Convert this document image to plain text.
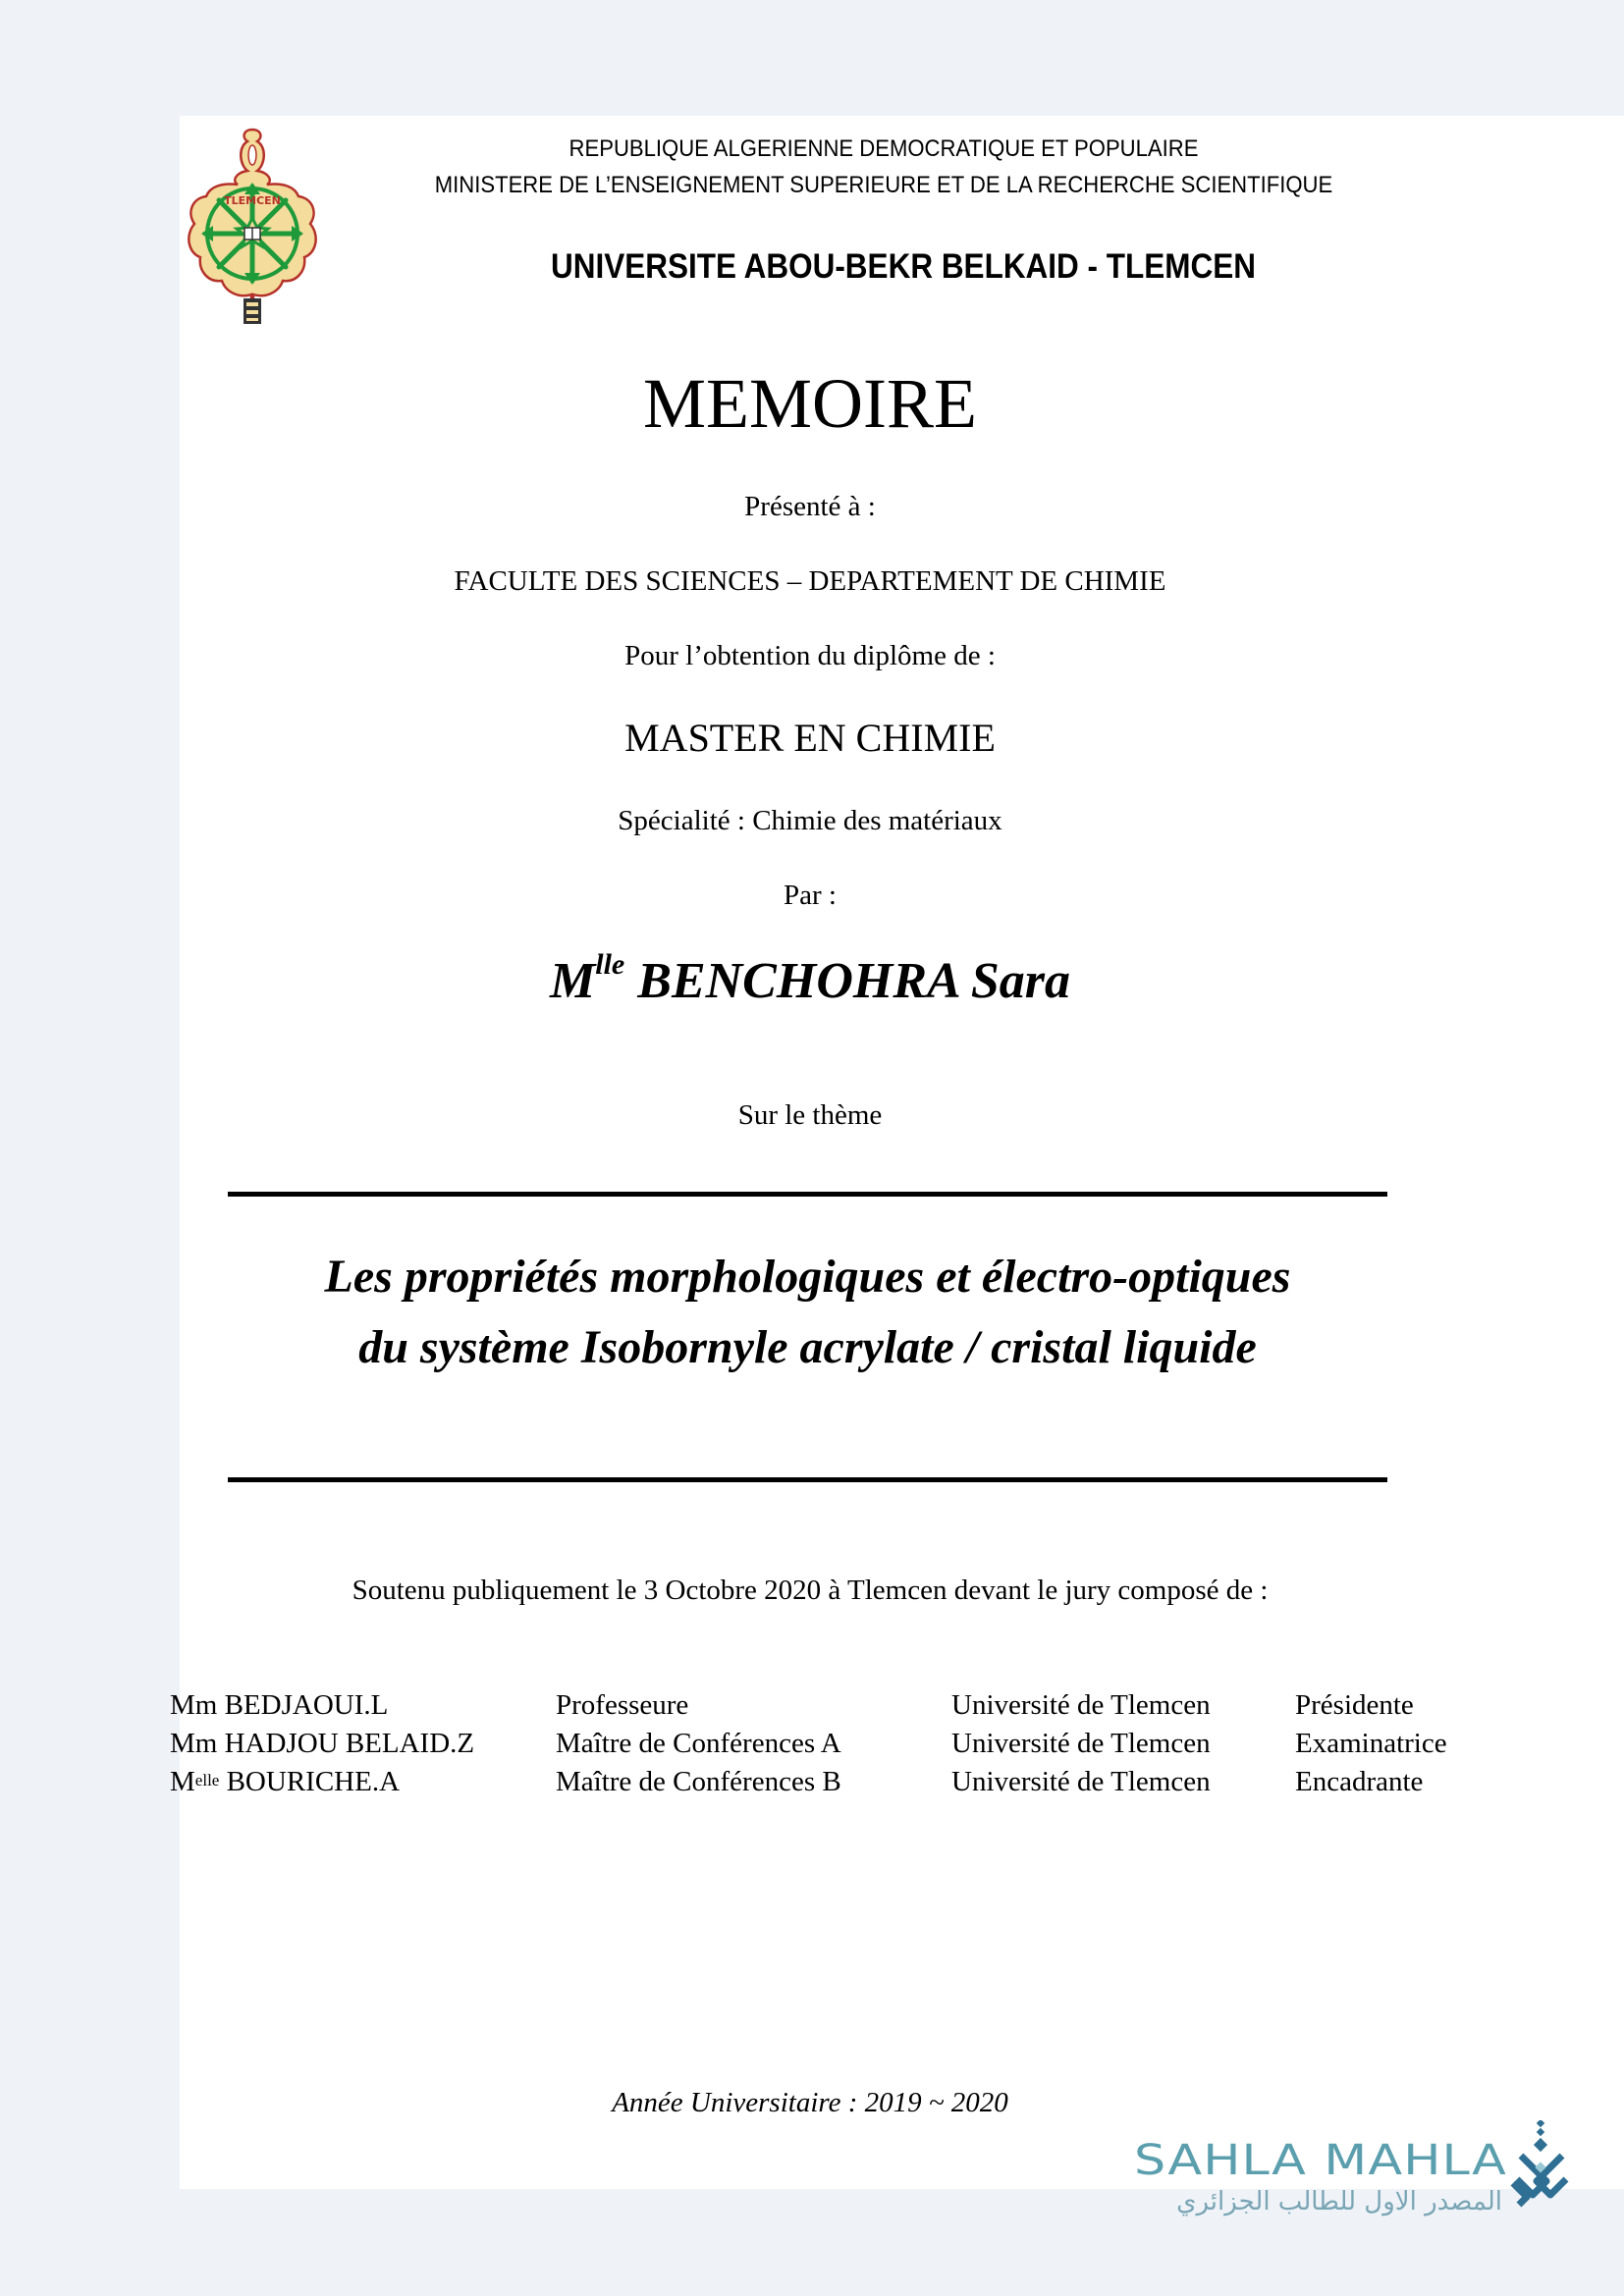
TLEMCEN
REPUBLIQUE ALGERIENNE DEMOCRATIQUE ET POPULAIRE
MINISTERE DE L’ENSEIGNEMENT SUPERIEURE ET DE LA RECHERCHE SCIENTIFIQUE
UNIVERSITE ABOU-BEKR BELKAID - TLEMCEN
MEMOIRE
Présenté à :
FACULTE DES SCIENCES – DEPARTEMENT DE CHIMIE
Pour l’obtention du diplôme de :
MASTER EN CHIMIE
Spécialité : Chimie des matériaux
Par :
$M^{lle}$ BENCHOHRA Sara
Sur le thème
Les propriétés morphologiques et électro-optiques
du système Isobornyle acrylate / cristal liquide
Soutenu publiquement le 3 Octobre 2020 à Tlemcen devant le jury composé de :
Mm BEDJAOUI.L	Professeure	Université de Tlemcen	Présidente
Mm HADJOU BELAID.Z	Maître de Conférences A	Université de Tlemcen	Examinatrice
$M^{elle}$ BOURICHE.A	Maître de Conférences B	Université de Tlemcen	Encadrante
Année Universitaire : 2019 ~ 2020
SAHLA MAHLA
المصدر الاول للطالب الجزائري
